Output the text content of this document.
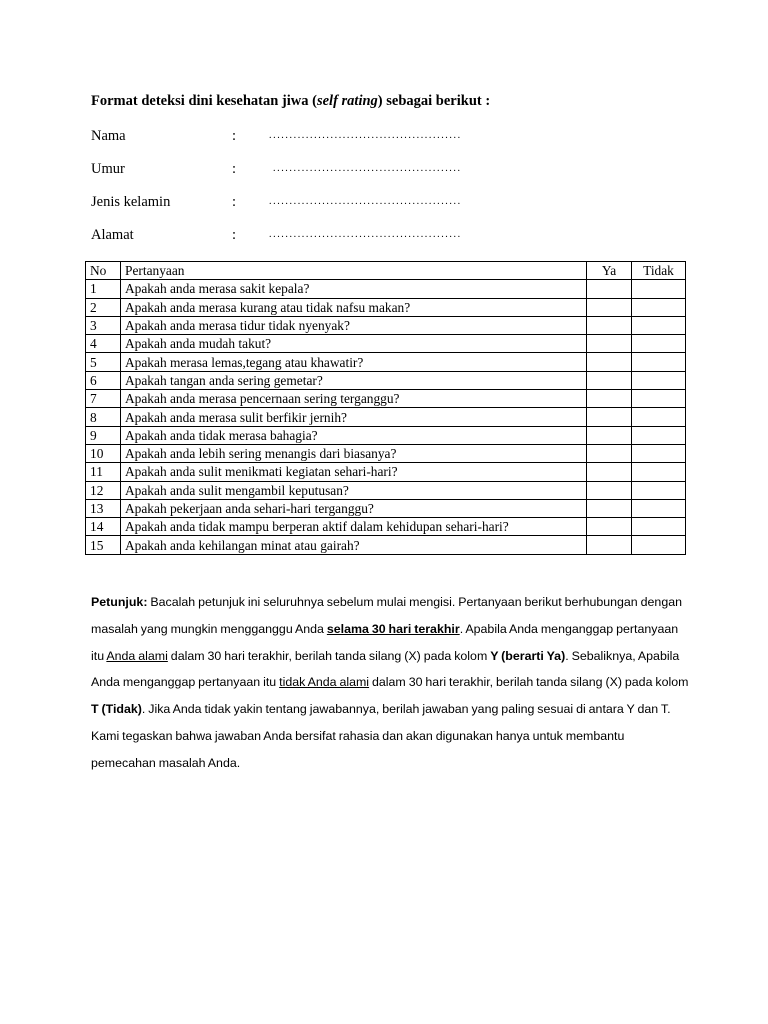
Format deteksi dini kesehatan jiwa (self rating) sebagai berikut :
Nama	:	...............................................
Umur	:	..............................................
Jenis kelamin	:	...............................................
Alamat	:	...............................................
No	Pertanyaan	Ya	Tidak
1	Apakah anda merasa sakit kepala?		
2	Apakah anda merasa kurang atau tidak nafsu makan?		
3	Apakah anda merasa tidur tidak nyenyak?		
4	Apakah anda mudah takut?		
5	Apakah merasa lemas,tegang atau khawatir?		
6	Apakah tangan anda sering gemetar?		
7	Apakah anda merasa pencernaan sering terganggu?		
8	Apakah anda merasa sulit berfikir jernih?		
9	Apakah anda tidak merasa bahagia?		
10	Apakah anda lebih sering menangis dari biasanya?		
11	Apakah anda sulit menikmati kegiatan sehari-hari?		
12	Apakah anda sulit mengambil keputusan?		
13	Apakah pekerjaan anda sehari-hari terganggu?		
14	Apakah anda tidak mampu berperan aktif dalam kehidupan sehari-hari?		
15	Apakah anda kehilangan minat atau gairah?		
Petunjuk: Bacalah petunjuk ini seluruhnya sebelum mulai mengisi. Pertanyaan berikut berhubungan dengan masalah yang mungkin mengganggu Anda selama 30 hari terakhir. Apabila Anda menganggap pertanyaan itu Anda alami dalam 30 hari terakhir, berilah tanda silang (X) pada kolom Y (berarti Ya). Sebaliknya, Apabila Anda menganggap pertanyaan itu tidak Anda alami dalam 30 hari terakhir, berilah tanda silang (X) pada kolom T (Tidak). Jika Anda tidak yakin tentang jawabannya, berilah jawaban yang paling sesuai di antara Y dan T. Kami tegaskan bahwa jawaban Anda bersifat rahasia dan akan digunakan hanya untuk membantu pemecahan masalah Anda.
